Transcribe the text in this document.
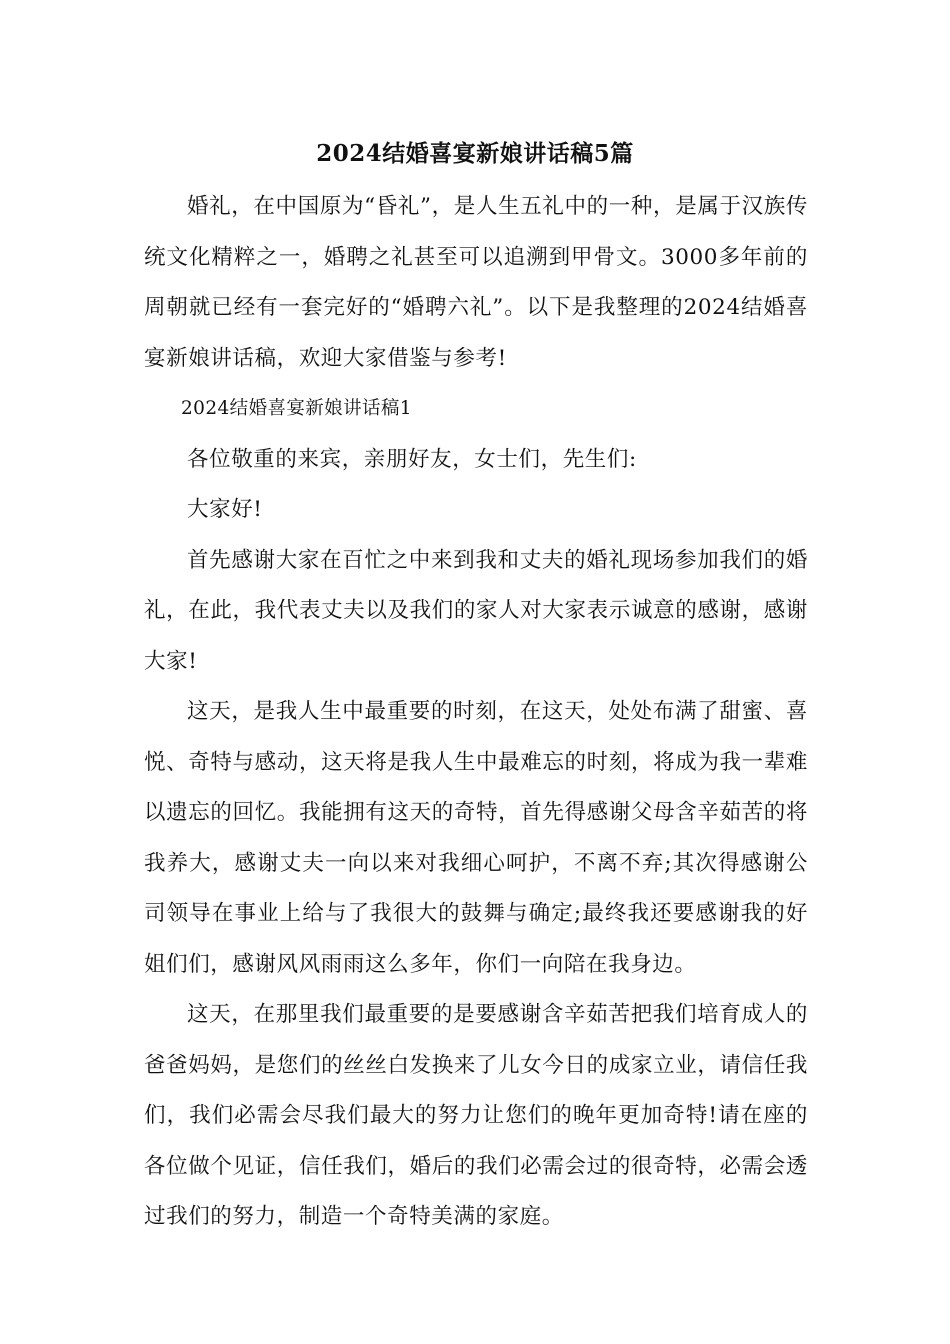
2024结婚喜宴新娘讲话稿5篇

婚礼，在中国原为“昏礼”，是人生五礼中的一种，是属于汉族传统文化精粹之一，婚聘之礼甚至可以追溯到甲骨文。3000多年前的周朝就已经有一套完好的“婚聘六礼”。以下是我整理的2024结婚喜宴新娘讲话稿，欢迎大家借鉴与参考!

2024结婚喜宴新娘讲话稿1

各位敬重的来宾，亲朋好友，女士们，先生们:

大家好!

首先感谢大家在百忙之中来到我和丈夫的婚礼现场参加我们的婚礼，在此，我代表丈夫以及我们的家人对大家表示诚意的感谢，感谢大家!

这天，是我人生中最重要的时刻，在这天，处处布满了甜蜜、喜悦、奇特与感动，这天将是我人生中最难忘的时刻，将成为我一辈难以遗忘的回忆。我能拥有这天的奇特，首先得感谢父母含辛茹苦的将我养大，感谢丈夫一向以来对我细心呵护，不离不弃;其次得感谢公司领导在事业上给与了我很大的鼓舞与确定;最终我还要感谢我的好姐们们，感谢风风雨雨这么多年，你们一向陪在我身边。

这天，在那里我们最重要的是要感谢含辛茹苦把我们培育成人的爸爸妈妈，是您们的丝丝白发换来了儿女今日的成家立业，请信任我们，我们必需会尽我们最大的努力让您们的晚年更加奇特!请在座的各位做个见证，信任我们，婚后的我们必需会过的很奇特，必需会透过我们的努力，制造一个奇特美满的家庭。
